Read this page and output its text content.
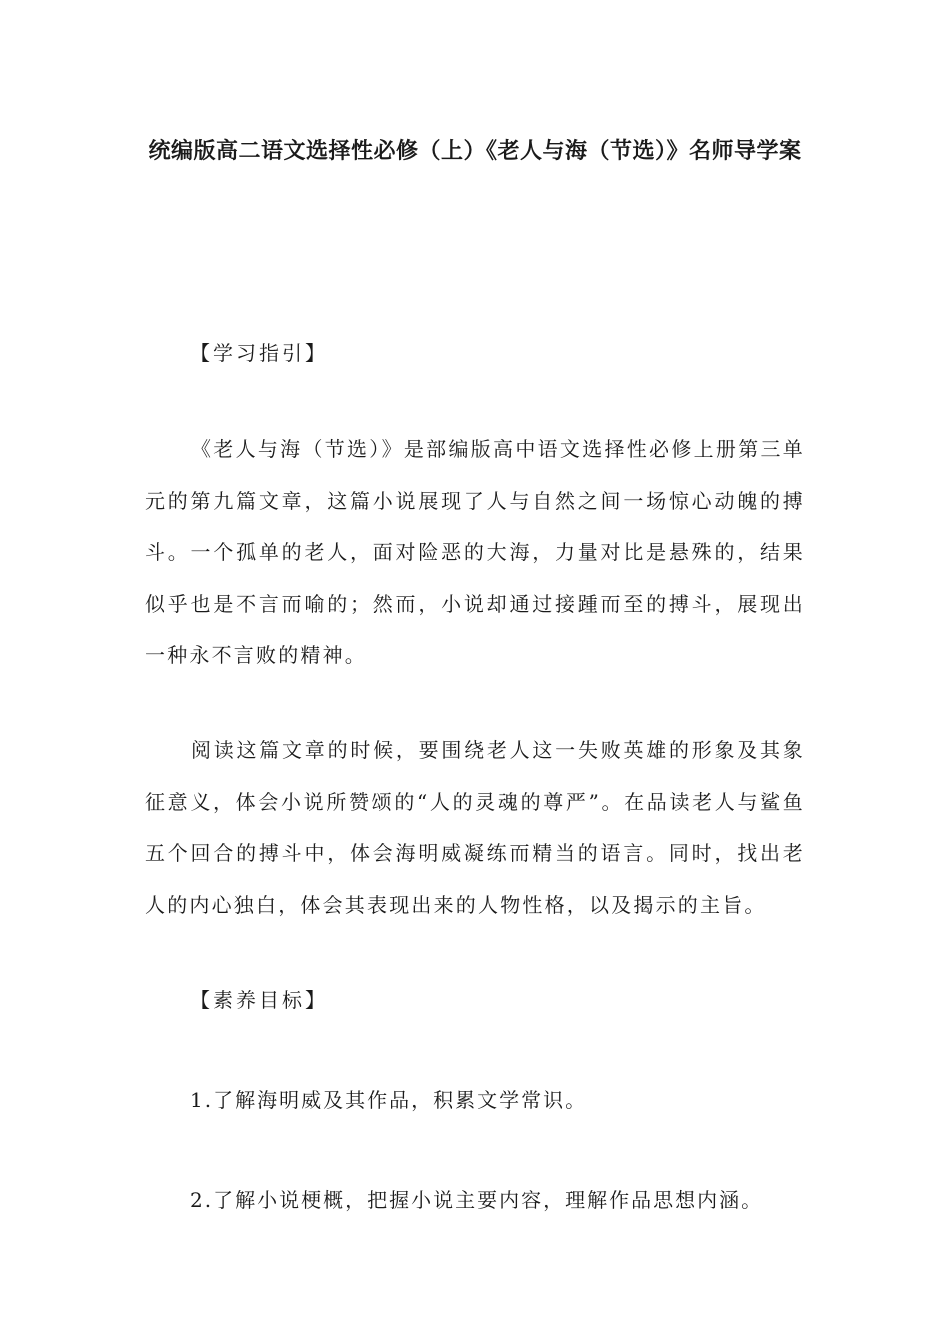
统编版高二语文选择性必修（上）《老人与海（节选）》名师导学案
【学习指引】
《老人与海（节选）》是部编版高中语文选择性必修上册第三单元的第九篇文章，这篇小说展现了人与自然之间一场惊心动魄的搏斗。一个孤单的老人，面对险恶的大海，力量对比是悬殊的，结果似乎也是不言而喻的；然而，小说却通过接踵而至的搏斗，展现出一种永不言败的精神。
阅读这篇文章的时候，要围绕老人这一失败英雄的形象及其象征意义，体会小说所赞颂的“人的灵魂的尊严”。在品读老人与鲨鱼五个回合的搏斗中，体会海明威凝练而精当的语言。同时，找出老人的内心独白，体会其表现出来的人物性格，以及揭示的主旨。
【素养目标】
1.了解海明威及其作品，积累文学常识。
2.了解小说梗概，把握小说主要内容，理解作品思想内涵。
